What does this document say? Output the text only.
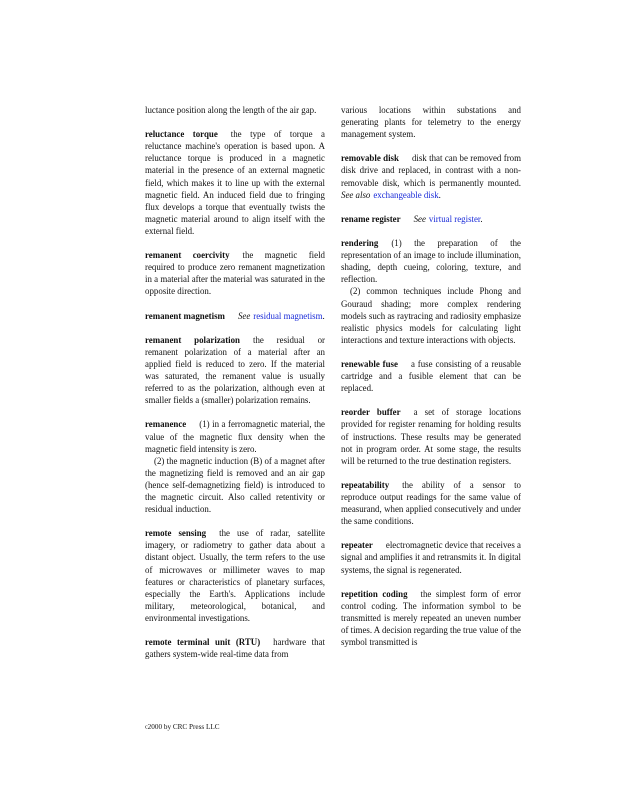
luctance position along the length of the air gap.

reluctance torque the type of torque a reluctance machine's operation is based upon. A reluctance torque is produced in a magnetic material in the presence of an external magnetic field, which makes it to line up with the external magnetic field. An induced field due to fringing flux develops a torque that eventually twists the magnetic material around to align itself with the external field.

remanent coercivity the magnetic field required to produce zero remanent magnetization in a material after the material was saturated in the opposite direction.

remanent magnetism See residual magnetism.

remanent polarization the residual or remanent polarization of a material after an applied field is reduced to zero. If the material was saturated, the remanent value is usually referred to as the polarization, although even at smaller fields a (smaller) polarization remains.

remanence (1) in a ferromagnetic material, the value of the magnetic flux density when the magnetic field intensity is zero.

(2) the magnetic induction (B) of a magnet after the magnetizing field is removed and an air gap (hence self-demagnetizing field) is introduced to the magnetic circuit. Also called retentivity or residual induction.

remote sensing the use of radar, satellite imagery, or radiometry to gather data about a distant object. Usually, the term refers to the use of microwaves or millimeter waves to map features or characteristics of planetary surfaces, especially the Earth's. Applications include military, meteorological, botanical, and environmental investigations.

remote terminal unit (RTU) hardware that gathers system-wide real-time data from

various locations within substations and generating plants for telemetry to the energy management system.

removable disk disk that can be removed from disk drive and replaced, in contrast with a non-removable disk, which is permanently mounted. See also exchangeable disk.

rename register See virtual register.

rendering (1) the preparation of the representation of an image to include illumination, shading, depth cueing, coloring, texture, and reflection.

(2) common techniques include Phong and Gouraud shading; more complex rendering models such as raytracing and radiosity emphasize realistic physics models for calculating light interactions and texture interactions with objects.

renewable fuse a fuse consisting of a reusable cartridge and a fusible element that can be replaced.

reorder buffer a set of storage locations provided for register renaming for holding results of instructions. These results may be generated not in program order. At some stage, the results will be returned to the true destination registers.

repeatability the ability of a sensor to reproduce output readings for the same value of measurand, when applied consecutively and under the same conditions.

repeater electromagnetic device that receives a signal and amplifies it and retransmits it. In digital systems, the signal is regenerated.

repetition coding the simplest form of error control coding. The information symbol to be transmitted is merely repeated an uneven number of times. A decision regarding the true value of the symbol transmitted is

c2000 by CRC Press LLC
